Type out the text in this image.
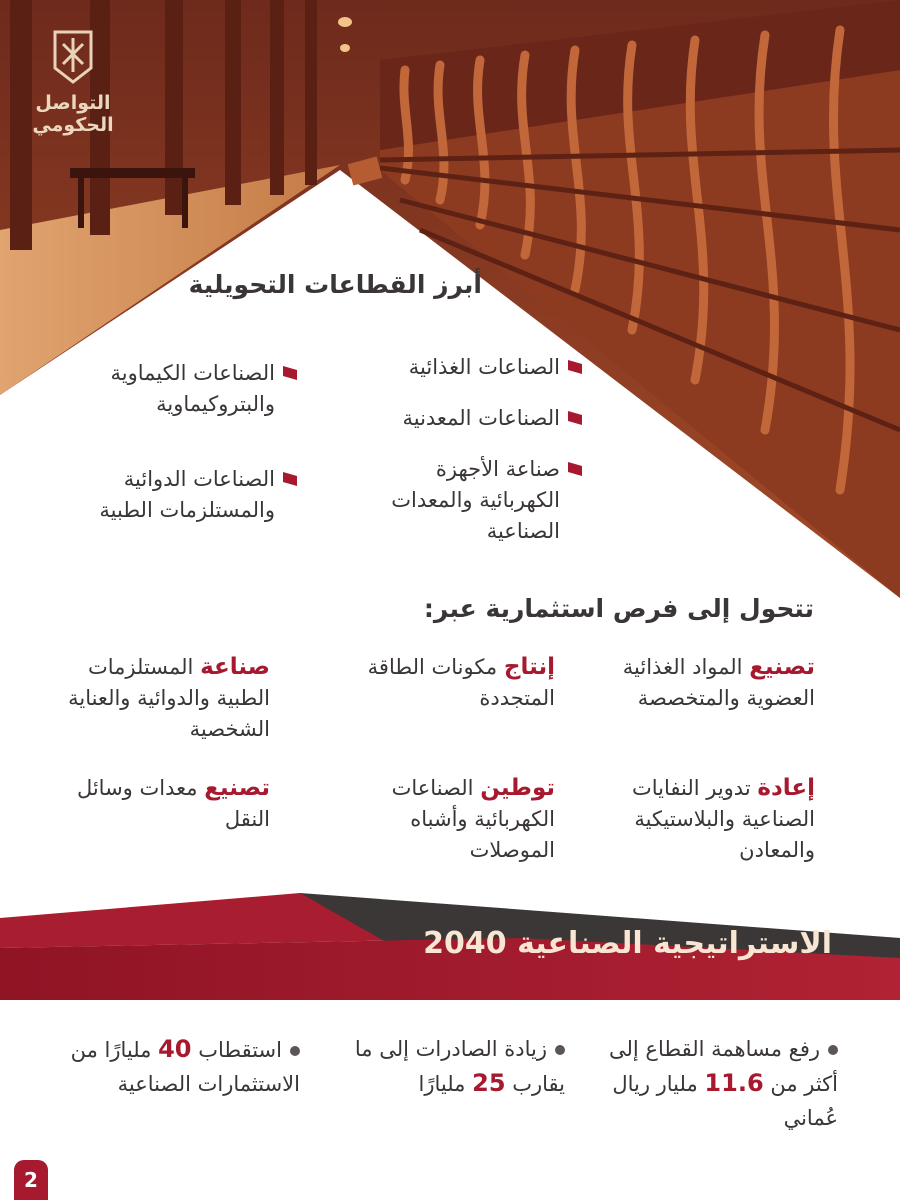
التواصل
الحكومي
أبرز القطاعات التحويلية
الصناعات الغذائية
الصناعات المعدنية
صناعة الأجهزة الكهربائية والمعدات الصناعية
الصناعات الكيماوية والبتروكيماوية
الصناعات الدوائية والمستلزمات الطبية
تتحول إلى فرص استثمارية عبر:
تصنيع المواد الغذائية العضوية والمتخصصة
إنتاج مكونات الطاقة المتجددة
صناعة المستلزمات الطبية والدوائية والعناية الشخصية
إعادة تدوير النفايات الصناعية والبلاستيكية والمعادن
توطين الصناعات الكهربائية وأشباه الموصلات
تصنيع معدات وسائل النقل
الاستراتيجية الصناعية 2040
رفع مساهمة القطاع إلى أكثر من 11.6 مليار ريال عُماني
زيادة الصادرات إلى ما يقارب 25 مليارًا
استقطاب 40 مليارًا من الاستثمارات الصناعية
2
